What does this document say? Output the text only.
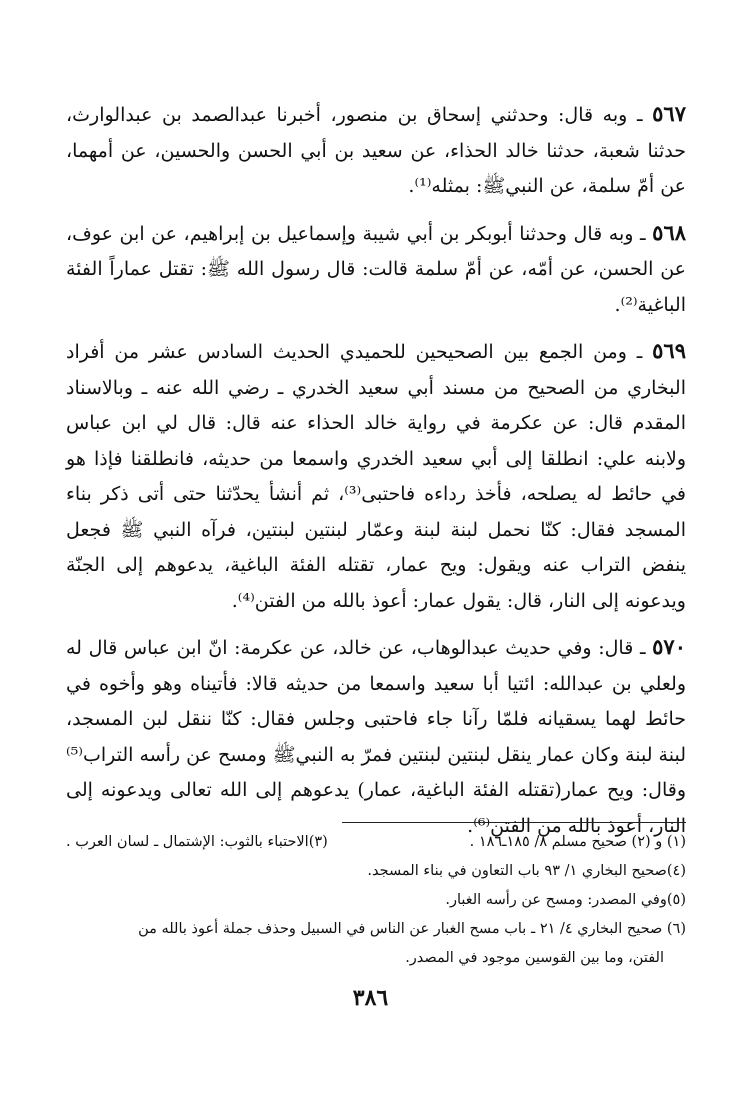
٥٦٧ ـ وبه قال: وحدثني إسحاق بن منصور، أخبرنا عبدالصمد بن عبدالوارث، حدثنا شعبة، حدثنا خالد الحذاء، عن سعيد بن أبي الحسن والحسين، عن أمهما، عن أمّ سلمة، عن النبيﷺ: بمثله⁽¹⁾.

٥٦٨ ـ وبه قال وحدثنا أبوبكر بن أبي شيبة وإسماعيل بن إبراهيم، عن ابن عوف، عن الحسن، عن أمّه، عن أمّ سلمة قالت: قال رسول الله ﷺ: تقتل عماراً الفئة الباغية⁽²⁾.

٥٦٩ ـ ومن الجمع بين الصحيحين للحميدي الحديث السادس عشر من أفراد البخاري من الصحيح من مسند أبي سعيد الخدري ـ رضي الله عنه ـ وبالاسناد المقدم قال: عن عكرمة في رواية خالد الحذاء عنه قال: قال لي ابن عباس ولابنه علي: انطلقا إلى أبي سعيد الخدري واسمعا من حديثه، فانطلقنا فإذا هو في حائط له يصلحه، فأخذ رداءه فاحتبى⁽³⁾، ثم أنشأ يحدّثنا حتى أتى ذكر بناء المسجد فقال: كنّا نحمل لبنة لبنة وعمّار لبنتين لبنتين، فرآه النبي ﷺ فجعل ينفض التراب عنه ويقول: ويح عمار، تقتله الفئة الباغية، يدعوهم إلى الجنّة ويدعونه إلى النار، قال: يقول عمار: أعوذ بالله من الفتن⁽⁴⁾.

٥٧٠ ـ قال: وفي حديث عبدالوهاب، عن خالد، عن عكرمة: انّ ابن عباس قال له ولعلي بن عبدالله: ائتيا أبا سعيد واسمعا من حديثه قالا: فأتيناه وهو وأخوه في حائط لهما يسقيانه فلمّا رآنا جاء فاحتبى وجلس فقال: كنّا ننقل لبن المسجد، لبنة لبنة وكان عمار ينقل لبنتين لبنتين فمرّ به النبيﷺ ومسح عن رأسه التراب⁽⁵⁾ وقال: ويح عمار(تقتله الفئة الباغية، عمار) يدعوهم إلى الله تعالى ويدعونه إلى النار، أعوذ بالله من الفتن⁽⁶⁾.

(١) و (٢) صحيح مسلم ٨/ ١٨٥ـ١٨٦ .
(٣)الاحتباء بالثوب: الإشتمال ـ لسان العرب .
(٤)صحيح البخاري ١/ ٩٣ باب التعاون في بناء المسجد.
(٥)وفي المصدر: ومسح عن رأسه الغبار.
(٦) صحيح البخاري ٤/ ٢١ ـ باب مسح الغبار عن الناس في السبيل وحذف جملة أعوذ بالله من
الفتن، وما بين القوسين موجود في المصدر.
٣٨٦
